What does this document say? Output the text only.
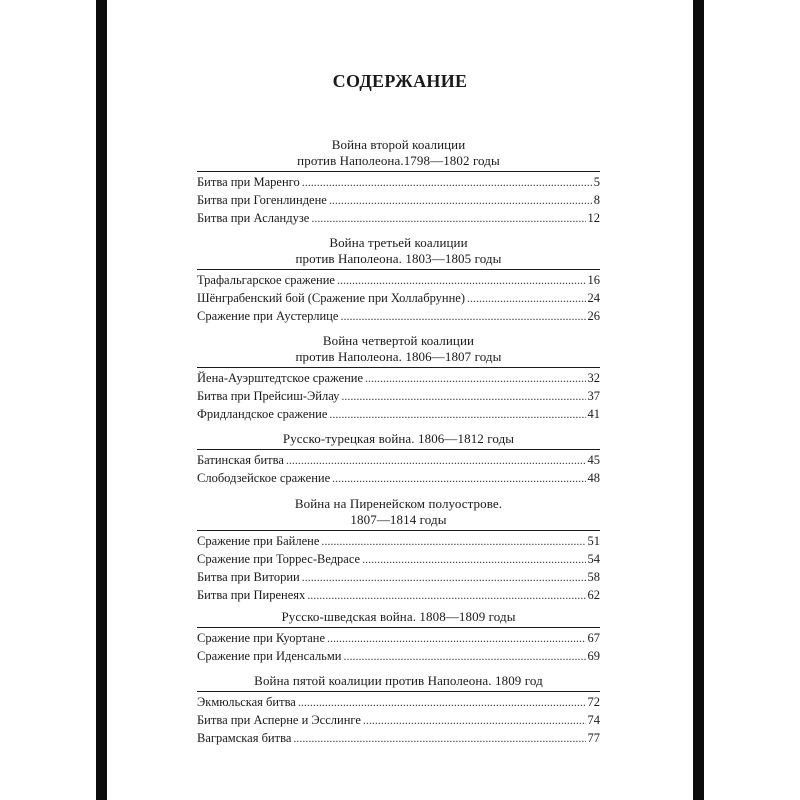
СОДЕРЖАНИЕ
Война второй коалиции
против Наполеона.1798—1802 годы
Битва при Маренго .....	5
Битва при Гогенлиндене .....	8
Битва при Асландузе .....	12
Война третьей коалиции
против Наполеона. 1803—1805 годы
Трафальгарское сражение .....	16
Шёнграбенский бой (Сражение при Холлабрунне) .....	24
Сражение при Аустерлице .....	26
Война четвертой коалиции
против Наполеона. 1806—1807 годы
Йена-Ауэрштедтское сражение .....	32
Битва при Прейсиш-Эйлау .....	37
Фридландское сражение .....	41
Русско-турецкая война. 1806—1812 годы
Батинская битва .....	45
Слободзейское сражение .....	48
Война на Пиренейском полуострове.
1807—1814 годы
Сражение при Байлене .....	51
Сражение при Торрес-Ведрасе .....	54
Битва при Витории .....	58
Битва при Пиренеях .....	62
Русско-шведская война. 1808—1809 годы
Сражение при Куортане .....	67
Сражение при Иденсальми .....	69
Война пятой коалиции против Наполеона. 1809 год
Экмюльская битва .....	72
Битва при Асперне и Эсслинге .....	74
Ваграмская битва .....	77
